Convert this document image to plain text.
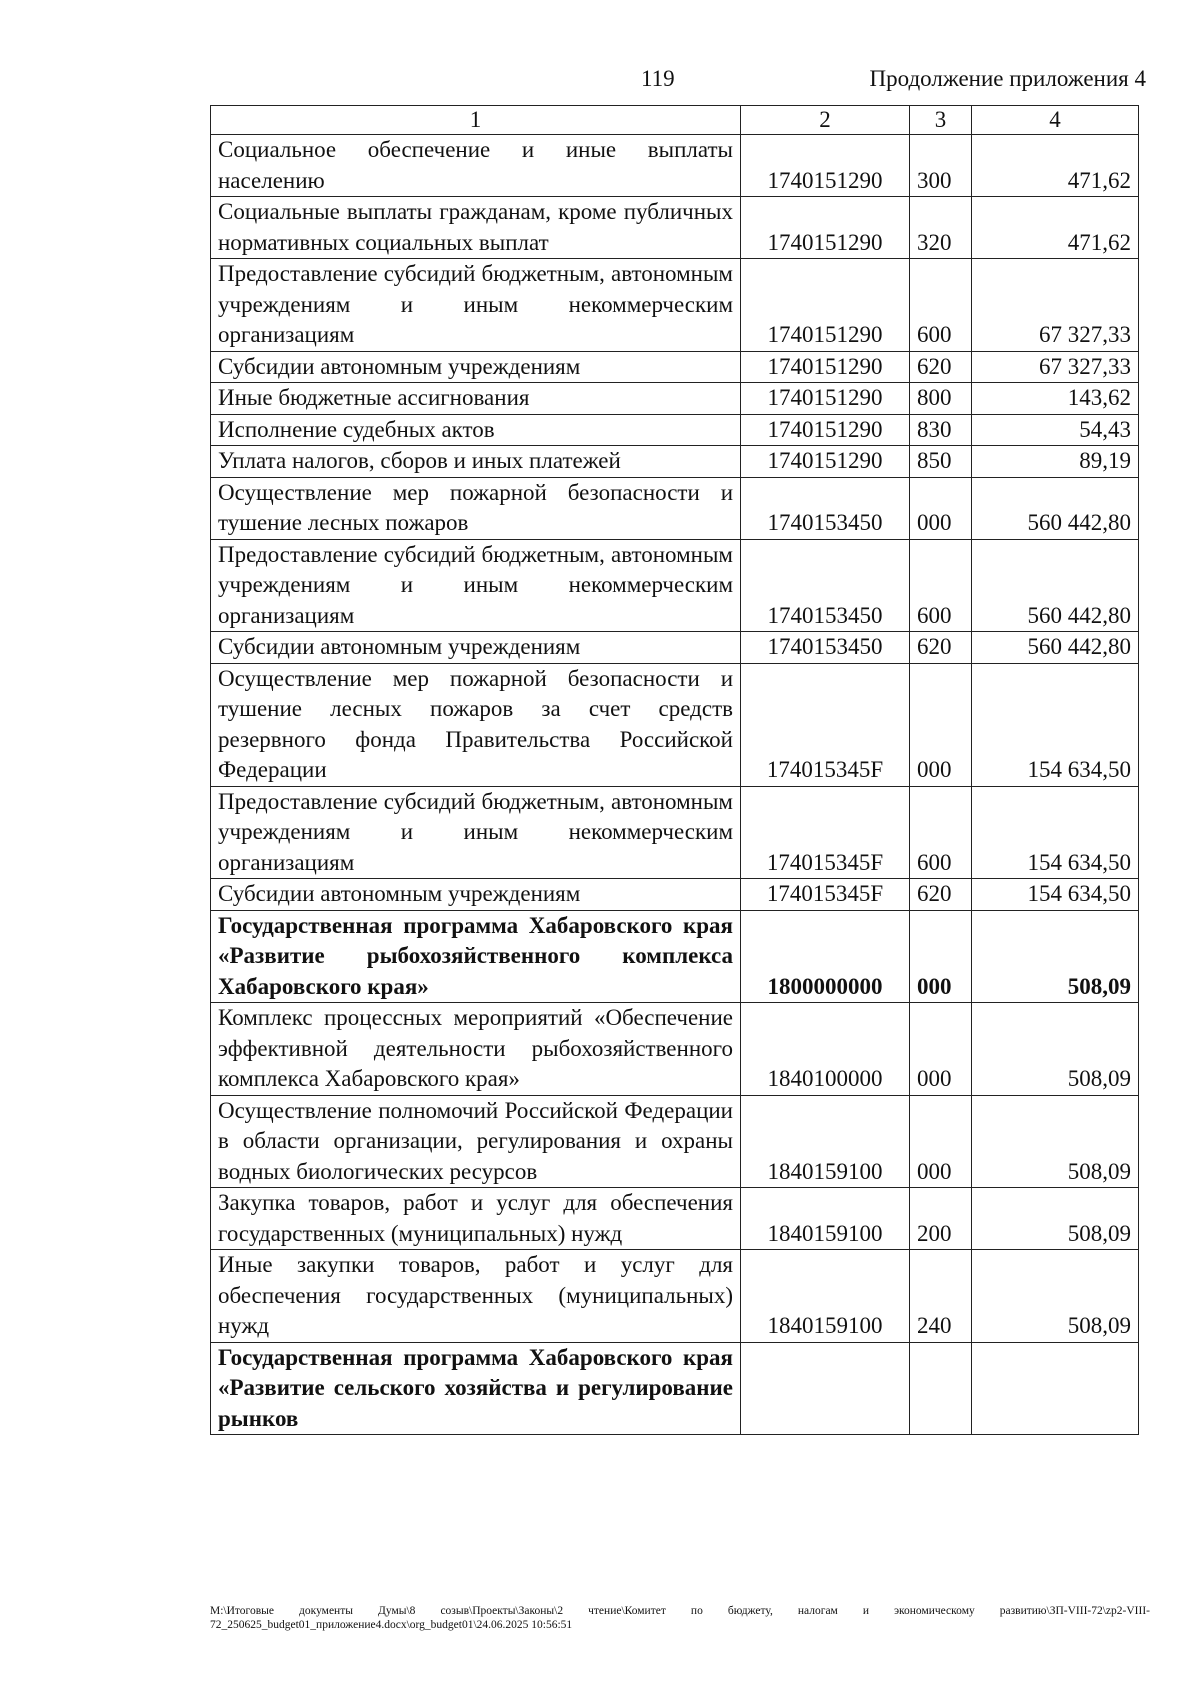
119	Продолжение приложения 4
1	2	3	4
Социальное обеспечение и иные выплаты населению	1740151290	300	471,62
Социальные выплаты гражданам, кроме публичных нормативных социальных выплат	1740151290	320	471,62
Предоставление субсидий бюджетным, автономным учреждениям и иным некоммерческим организациям	1740151290	600	67 327,33
Субсидии автономным учреждениям	1740151290	620	67 327,33
Иные бюджетные ассигнования	1740151290	800	143,62
Исполнение судебных актов	1740151290	830	54,43
Уплата налогов, сборов и иных платежей	1740151290	850	89,19
Осуществление мер пожарной безопасности и тушение лесных пожаров	1740153450	000	560 442,80
Предоставление субсидий бюджетным, автономным учреждениям и иным некоммерческим организациям	1740153450	600	560 442,80
Субсидии автономным учреждениям	1740153450	620	560 442,80
Осуществление мер пожарной безопасности и тушение лесных пожаров за счет средств резервного фонда Правительства Российской Федерации	174015345F	000	154 634,50
Предоставление субсидий бюджетным, автономным учреждениям и иным некоммерческим организациям	174015345F	600	154 634,50
Субсидии автономным учреждениям	174015345F	620	154 634,50
Государственная программа Хабаровского края «Развитие рыбохозяйственного комплекса Хабаровского края»	1800000000	000	508,09
Комплекс процессных мероприятий «Обеспечение эффективной деятельности рыбохозяйственного комплекса Хабаровского края»	1840100000	000	508,09
Осуществление полномочий Российской Федерации в области организации, регулирования и охраны водных биологических ресурсов	1840159100	000	508,09
Закупка товаров, работ и услуг для обеспечения государственных (муниципальных) нужд	1840159100	200	508,09
Иные закупки товаров, работ и услуг для обеспечения государственных (муниципальных) нужд	1840159100	240	508,09
Государственная программа Хабаровского края «Развитие сельского хозяйства и регулирование рынков			
M:\Итоговые документы Думы\8 созыв\Проекты\Законы\2 чтение\Комитет по бюджету, налогам и экономическому развитию\ЗП-VIII-72\zp2-VIII-72_250625_budget01_приложение4.docx\org_budget01\24.06.2025 10:56:51
